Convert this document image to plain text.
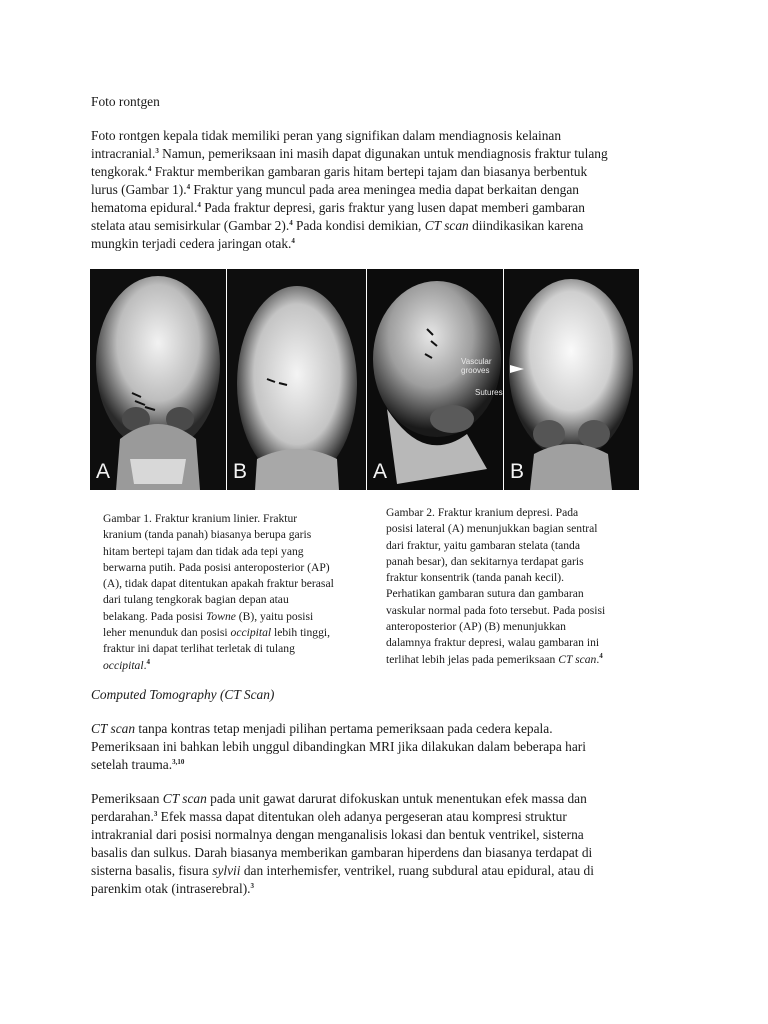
Foto rontgen

Foto rontgen kepala tidak memiliki peran yang signifikan dalam mendiagnosis kelainan
intracranial.$^3$ Namun, pemeriksaan ini masih dapat digunakan untuk mendiagnosis fraktur tulang
tengkorak.$^4$ Fraktur memberikan gambaran garis hitam bertepi tajam dan biasanya berbentuk
lurus (Gambar 1).$^4$ Fraktur yang muncul pada area meningea media dapat berkaitan dengan
hematoma epidural.$^4$ Pada fraktur depresi, garis fraktur yang lusen dapat memberi gambaran
stelata atau semisirkular (Gambar 2).$^4$ Pada kondisi demikian, CT scan diindikasikan karena
mungkin terjadi cedera jaringan otak.$^4$
A	B
Vascular grooves
Sutures
A	B
Gambar 1. Fraktur kranium linier. Fraktur
kranium (tanda panah) biasanya berupa garis
hitam bertepi tajam dan tidak ada tepi yang
berwarna putih. Pada posisi anteroposterior (AP)
(A), tidak dapat ditentukan apakah fraktur berasal
dari tulang tengkorak bagian depan atau
belakang. Pada posisi Towne (B), yaitu posisi
leher menunduk dan posisi occipital lebih tinggi,
fraktur ini dapat terlihat terletak di tulang
occipital.$^4$
Gambar 2. Fraktur kranium depresi. Pada
posisi lateral (A) menunjukkan bagian sentral
dari fraktur, yaitu gambaran stelata (tanda
panah besar), dan sekitarnya terdapat garis
fraktur konsentrik (tanda panah kecil).
Perhatikan gambaran sutura dan gambaran
vaskular normal pada foto tersebut. Pada posisi
anteroposterior (AP) (B) menunjukkan
dalamnya fraktur depresi, walau gambaran ini
terlihat lebih jelas pada pemeriksaan CT scan.$^4$

Computed Tomography (CT Scan)

CT scan tanpa kontras tetap menjadi pilihan pertama pemeriksaan pada cedera kepala.
Pemeriksaan ini bahkan lebih unggul dibandingkan MRI jika dilakukan dalam beberapa hari
setelah trauma.$^{3,10}$
Pemeriksaan CT scan pada unit gawat darurat difokuskan untuk menentukan efek massa dan
perdarahan.$^3$ Efek massa dapat ditentukan oleh adanya pergeseran atau kompresi struktur
intrakranial dari posisi normalnya dengan menganalisis lokasi dan bentuk ventrikel, sisterna
basalis dan sulkus. Darah biasanya memberikan gambaran hiperdens dan biasanya terdapat di
sisterna basalis, fisura sylvii dan interhemisfer, ventrikel, ruang subdural atau epidural, atau di
parenkim otak (intraserebral).$^3$
